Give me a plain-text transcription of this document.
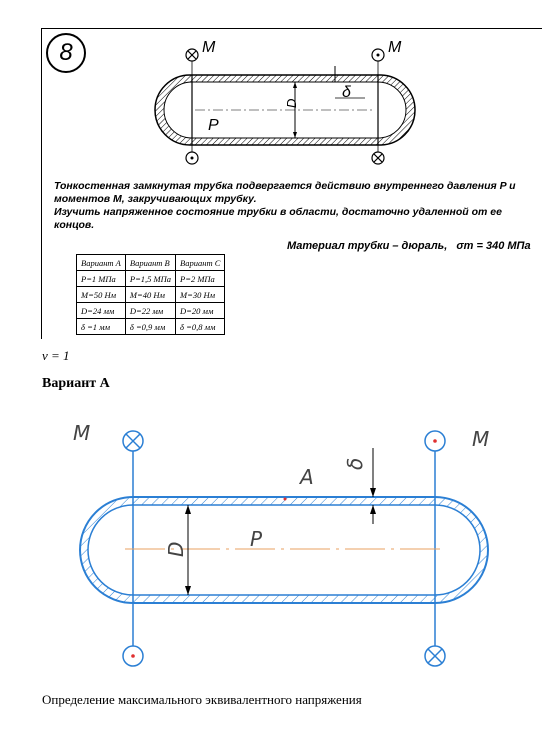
8	M	M
D
δ
P
Тонкостенная замкнутая трубка подвергается действию внутреннего давления P и
моментов M, закручивающих трубку.
Изучить напряженное состояние трубки в области, достаточно удаленной от ее концов.
Материал трубки – дюраль, σт = 340 МПа
Вариант A	Вариант B	Вариант C
P=1 МПа	P=1,5 МПа	P=2 МПа
M=50 Нм	M=40 Нм	M=30 Нм
D=24 мм	D=22 мм	D=20 мм
δ =1 мм	δ =0,9 мм	δ =0,8 мм
ν = 1
Вариант А
M	M
A
δ
D	P
Определение максимального эквивалентного напряжения
